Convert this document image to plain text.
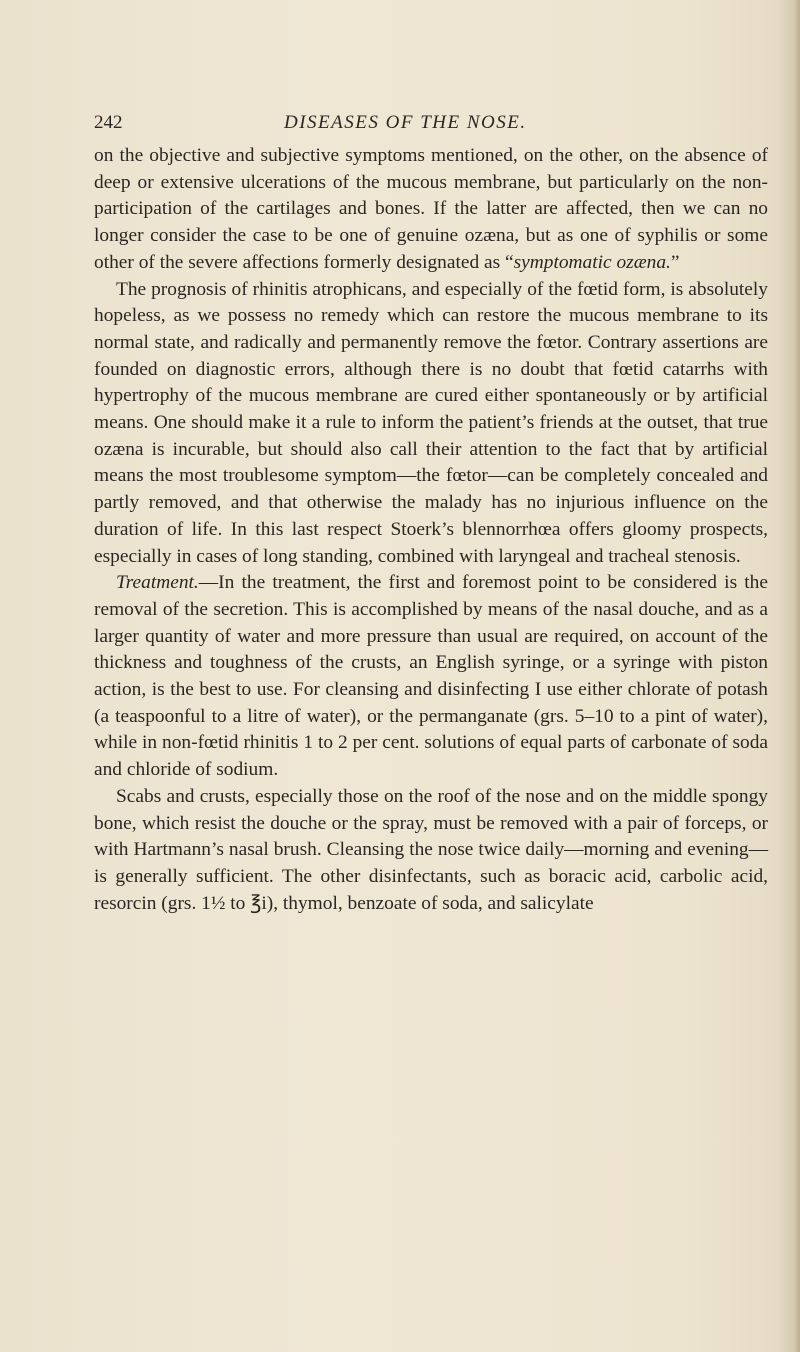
242	DISEASES OF THE NOSE.

on the objective and subjective symptoms mentioned, on the other, on the absence of deep or extensive ulcerations of the mucous membrane, but particularly on the non-participation of the cartilages and bones. If the latter are affected, then we can no longer consider the case to be one of genuine ozæna, but as one of syphilis or some other of the severe affections formerly designated as “symptomatic ozæna.”

The prognosis of rhinitis atrophicans, and especially of the fœtid form, is absolutely hopeless, as we possess no remedy which can restore the mucous membrane to its normal state, and radically and permanently remove the fœtor. Contrary assertions are founded on diagnostic errors, although there is no doubt that fœtid catarrhs with hypertrophy of the mucous membrane are cured either spontaneously or by artificial means. One should make it a rule to inform the patient’s friends at the outset, that true ozæna is incurable, but should also call their attention to the fact that by artificial means the most troublesome symptom—the fœtor—can be completely concealed and partly removed, and that otherwise the malady has no injurious influence on the duration of life. In this last respect Stoerk’s blennorrhœa offers gloomy prospects, especially in cases of long standing, combined with laryngeal and tracheal stenosis.

Treatment.—In the treatment, the first and foremost point to be considered is the removal of the secretion. This is accomplished by means of the nasal douche, and as a larger quantity of water and more pressure than usual are required, on account of the thickness and toughness of the crusts, an English syringe, or a syringe with piston action, is the best to use. For cleansing and disinfecting I use either chlorate of potash (a teaspoonful to a litre of water), or the permanganate (grs. 5–10 to a pint of water), while in non-fœtid rhinitis 1 to 2 per cent. solutions of equal parts of carbonate of soda and chloride of sodium.

Scabs and crusts, especially those on the roof of the nose and on the middle spongy bone, which resist the douche or the spray, must be removed with a pair of forceps, or with Hartmann’s nasal brush. Cleansing the nose twice daily—morning and evening—is generally sufficient. The other disinfectants, such as boracic acid, carbolic acid, resorcin (grs. 1½ to ℥i), thymol, benzoate of soda, and salicylate
